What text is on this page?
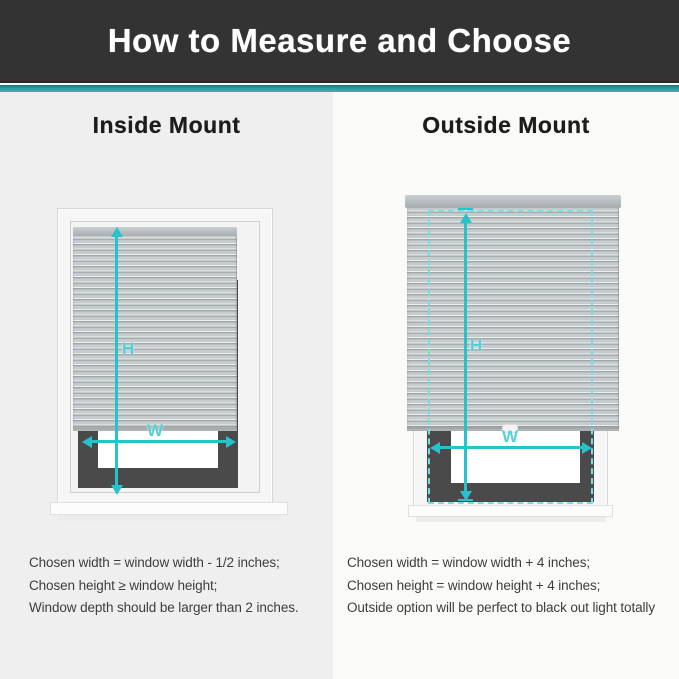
How to Measure and Choose
Inside Mount
H
W

Chosen width = window width - 1/2 inches;

Chosen height ≥ window height;

Window depth should be larger than 2 inches.

Outside Mount
H
W

Chosen width = window width + 4 inches;

Chosen height = window height + 4 inches;

Outside option will be perfect to black out light totally
